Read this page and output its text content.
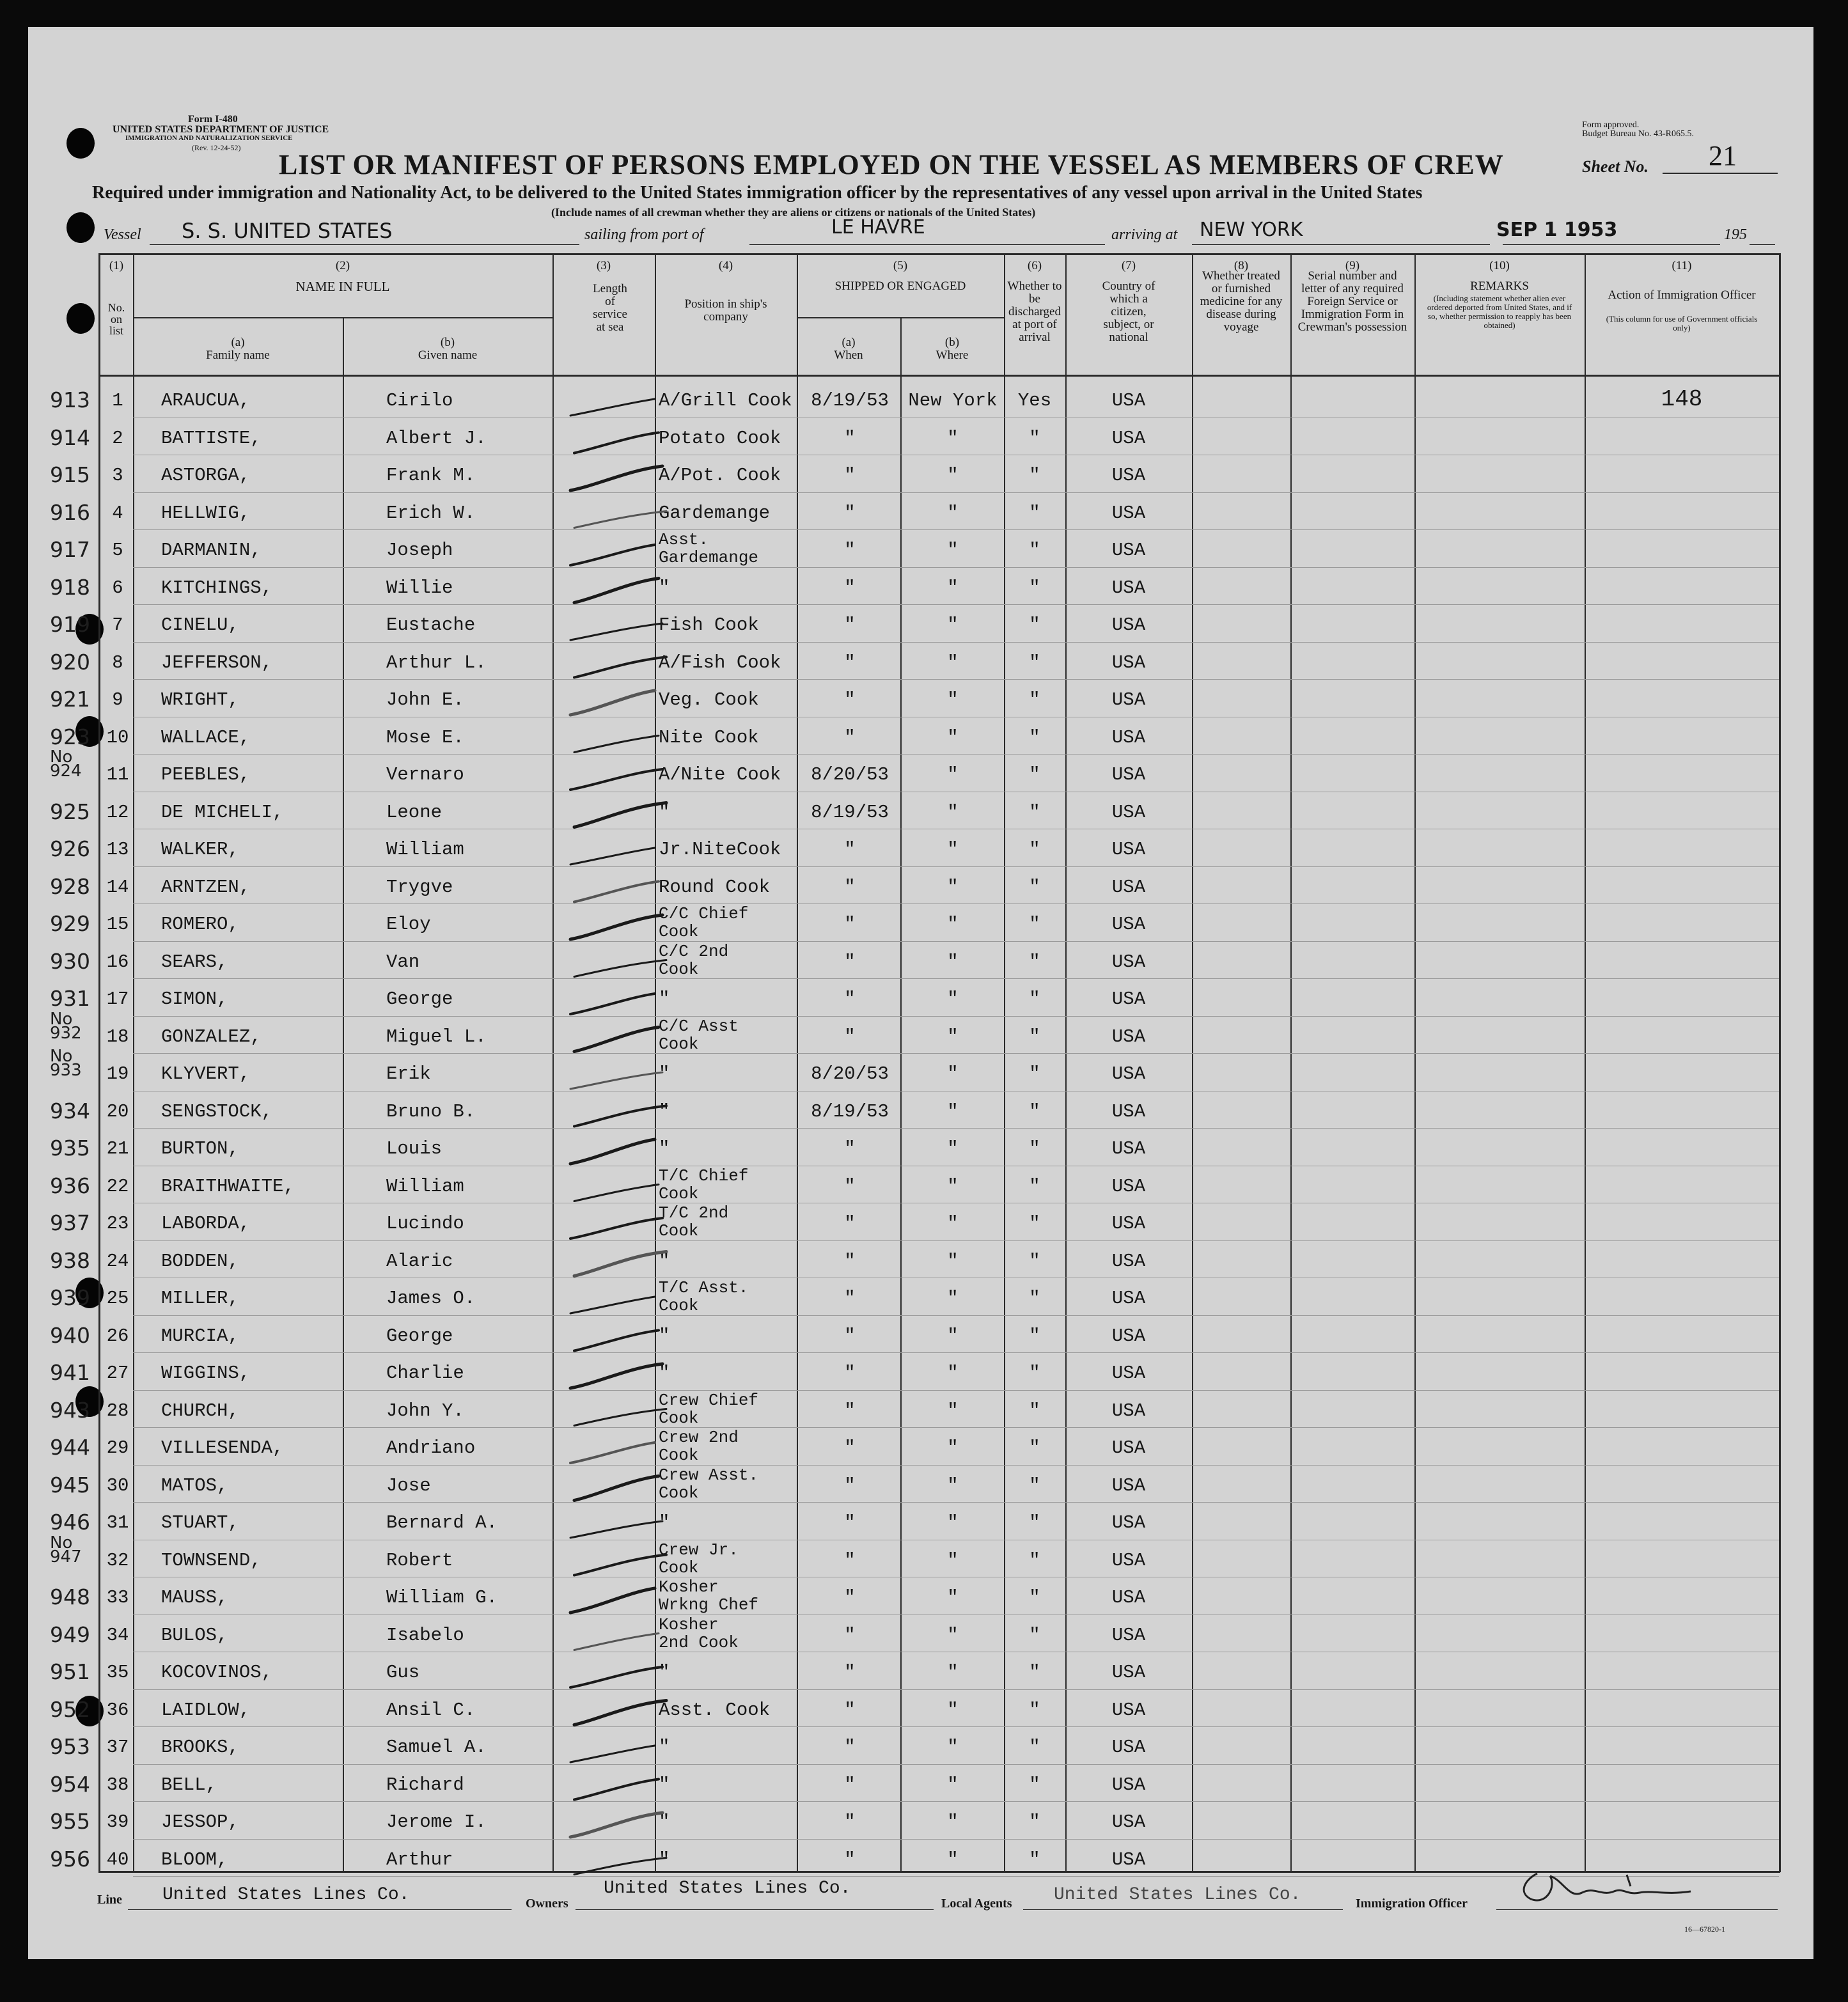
Form I-480
UNITED STATES DEPARTMENT OF JUSTICE
IMMIGRATION AND NATURALIZATION SERVICE
(Rev. 12-24-52)
Form approved.
Budget Bureau No. 43-R065.5.
Sheet No. 21
LIST OR MANIFEST OF PERSONS EMPLOYED ON THE VESSEL AS MEMBERS OF CREW
Required under immigration and Nationality Act, to be delivered to the United States immigration officer by the representatives of any vessel upon arrival in the United States
(Include names of all crewman whether they are aliens or citizens or nationals of the United States)
Vessel S. S. UNITED STATES	sailing from port of	LE HAVRE	arriving at NEW YORK	SEP 1 1953	195
(1)
No. on list
(2)
NAME IN FULL
(a)
Family name
(b)
Given name
(3)
Length of service at sea
(4)
Position in ship's company
(5)
SHIPPED OR ENGAGED
(a)
When
(b)
Where
(6)
Whether to be discharged at port of arrival
(7)
Country of which a citizen, subject, or national
(8)
Whether treated or furnished medicine for any disease during voyage
(9)
Serial number and letter of any required Foreign Service or Immigration Form in Crewman's possession
(10)
REMARKS
(Including statement whether alien ever ordered deported from United States, and if so, whether permission to reapply has been obtained)
(11)
Action of Immigration Officer
(This column for use of Government officials only)
913	1	ARAUCUA,	Cirilo	A/Grill Cook	8/19/53	New York	Yes	USA	148
914	2	BATTISTE,	Albert J.	Potato Cook	"	"	"	USA
915	3	ASTORGA,	Frank M.	A/Pot. Cook	"	"	"	USA
916	4	HELLWIG,	Erich W.	Gardemange	"	"	"	USA
917	5	DARMANIN,	Joseph	Asst.
Gardemange	"	"	"	USA
918	6	KITCHINGS,	Willie	"	"	"	"	USA
919	7	CINELU,	Eustache	Fish Cook	"	"	"	USA
920	8	JEFFERSON,	Arthur L.	A/Fish Cook	"	"	"	USA
921	9	WRIGHT,	John E.	Veg. Cook	"	"	"	USA
923 10 WALLACE,	Mose E.	Nite Cook	"	"	"	USA
No
924 11 PEEBLES,	Vernaro	A/Nite Cook	8/20/53	"	"	USA
925 12 DE MICHELI,	Leone	"	8/19/53	"	"	USA
926 13 WALKER,	William	Jr.NiteCook	"	"	"	USA
928 14 ARNTZEN,	Trygve	Round Cook	"	"	"	USA
929 15 ROMERO,	Eloy	C/C Chief
Cook	"	"	"	USA
930 16 SEARS,	Van	C/C 2nd
Cook	"	"	"	USA
931 17 SIMON,	George	"	"	"	"	USA
No
932 18 GONZALEZ,	Miguel L.	C/C Asst
Cook	"	"	"	USA
No
933 19 KLYVERT,	Erik	"	8/20/53	"	"	USA
934 20 SENGSTOCK,	Bruno B.	"	8/19/53	"	"	USA
935 21 BURTON,	Louis	"	"	"	"	USA
936 22 BRAITHWAITE,	William	T/C Chief
Cook	"	"	"	USA
937 23 LABORDA,	Lucindo	T/C 2nd
Cook	"	"	"	USA
938 24 BODDEN,	Alaric	"	"	"	"	USA
939 25 MILLER,	James O.	T/C Asst.
Cook	"	"	"	USA
940 26 MURCIA,	George	"	"	"	"	USA
941 27 WIGGINS,	Charlie	"	"	"	"	USA
943 28 CHURCH,	John Y.	Crew Chief
Cook	"	"	"	USA
944 29 VILLESENDA,	Andriano	Crew 2nd
Cook	"	"	"	USA
945 30 MATOS,	Jose	Crew Asst.
Cook	"	"	"	USA
946 31 STUART,	Bernard A.	"	"	"	"	USA
No
947 32 TOWNSEND,	Robert	Crew Jr.
Cook	"	"	"	USA
948 33 MAUSS,	William G.	Kosher
Wrkng Chef	"	"	"	USA
949 34 BULOS,	Isabelo	Kosher
2nd Cook	"	"	"	USA
951 35 KOCOVINOS,	Gus	"	"	"	"	USA
952 36 LAIDLOW,	Ansil C.	Asst. Cook	"	"	"	USA
953 37 BROOKS,	Samuel A.	"	"	"	"	USA
954 38 BELL,	Richard	"	"	"	"	USA
955 39 JESSOP,	Jerome I.	"	"	"	"	USA
956 40 BLOOM,	Arthur	"	"	"	"	USA
Line United States Lines Co.	Owners
United States Lines Co.
Local Agents United States Lines Co.	Immigration Officer
16—67820-1
